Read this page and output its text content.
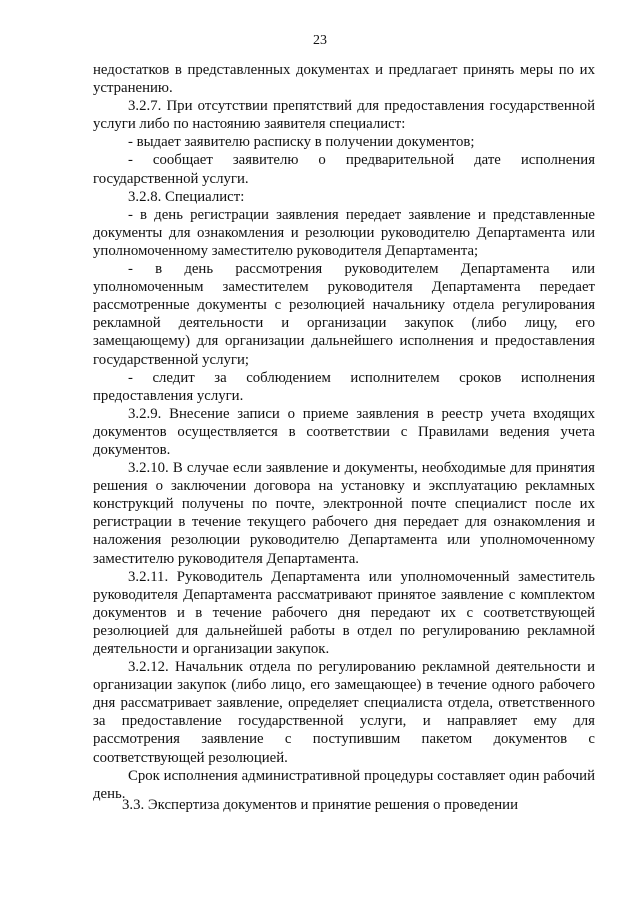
23

недостатков в представленных документах и предлагает принять меры по их устранению.

3.2.7. При отсутствии препятствий для предоставления государственной услуги либо по настоянию заявителя специалист:

- выдает заявителю расписку в получении документов;

- сообщает заявителю о предварительной дате исполнения государственной услуги.

3.2.8. Специалист:

- в день регистрации заявления передает заявление и представленные документы для ознакомления и резолюции руководителю Департамента или уполномоченному заместителю руководителя Департамента;

- в день рассмотрения руководителем Департамента или уполномоченным заместителем руководителя Департамента передает рассмотренные документы с резолюцией начальнику отдела регулирования рекламной деятельности и организации закупок (либо лицу, его замещающему) для организации дальнейшего исполнения и предоставления государственной услуги;

- следит за соблюдением исполнителем сроков исполнения предоставления услуги.

3.2.9. Внесение записи о приеме заявления в реестр учета входящих документов осуществляется в соответствии с Правилами ведения учета документов.

3.2.10. В случае если заявление и документы, необходимые для принятия решения о заключении договора на установку и эксплуатацию рекламных конструкций получены по почте, электронной почте специалист после их регистрации в течение текущего рабочего дня передает для ознакомления и наложения резолюции руководителю Департамента или уполномоченному заместителю руководителя Департамента.

3.2.11. Руководитель Департамента или уполномоченный заместитель руководителя Департамента рассматривают принятое заявление с комплектом документов и в течение рабочего дня передают их с соответствующей резолюцией для дальнейшей работы в отдел по регулированию рекламной деятельности и организации закупок.

3.2.12. Начальник отдела по регулированию рекламной деятельности и организации закупок (либо лицо, его замещающее) в течение одного рабочего дня рассматривает заявление, определяет специалиста отдела, ответственного за предоставление государственной услуги, и направляет ему для рассмотрения заявление с поступившим пакетом документов с соответствующей резолюцией.

Срок исполнения административной процедуры составляет один рабочий день.

3.3. Экспертиза документов и принятие решения о проведении
